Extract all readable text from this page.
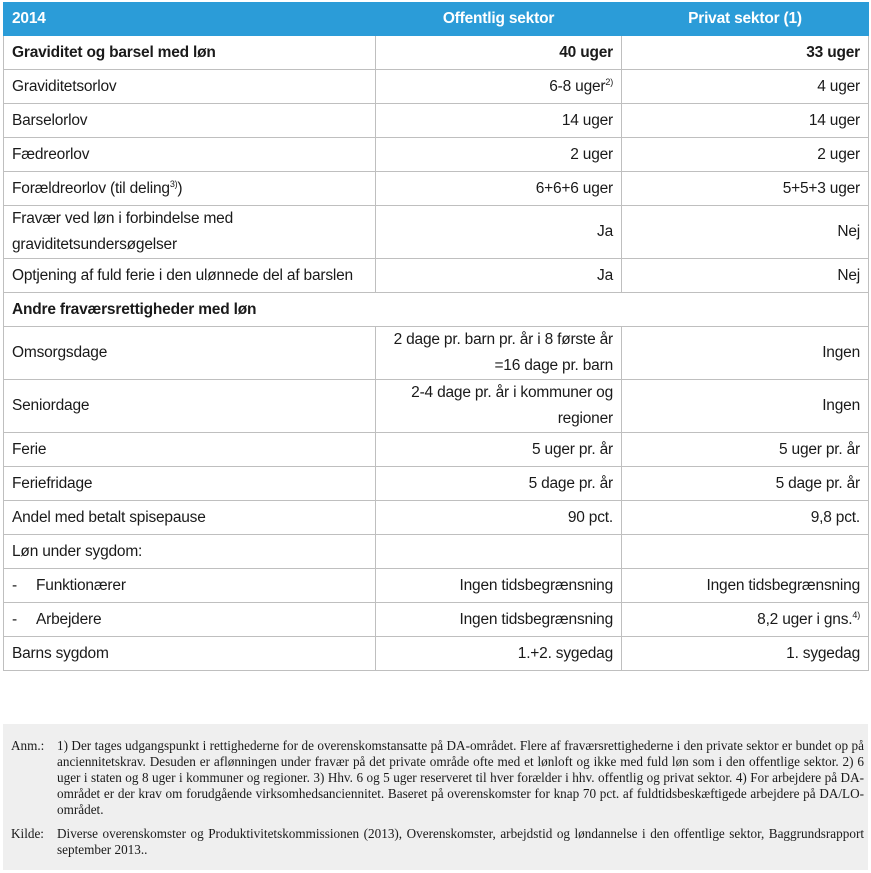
2014	Offentlig sektor	Privat sektor (1)
Graviditet og barsel med løn	40 uger	33 uger
Graviditetsorlov	6-8 uger$^{2)}$	4 uger
Barselorlov	14 uger	14 uger
Fædreorlov	2 uger	2 uger
Forældreorlov (til deling$^{3)}$)	6+6+6 uger	5+5+3 uger
Fravær ved løn i forbindelse med graviditetsundersøgelser	Ja	Nej
Optjening af fuld ferie i den ulønnede del af barslen	Ja	Nej
Andre fraværsrettigheder med løn		
Omsorgsdage	2 dage pr. barn pr. år i 8 første år =16 dage pr. barn	Ingen
Seniordage	2-4 dage pr. år i kommuner og regioner	Ingen
Ferie	5 uger pr. år	5 uger pr. år
Feriefridage	5 dage pr. år	5 dage pr. år
Andel med betalt spisepause	90 pct.	9,8 pct.
Løn under sygdom:		
- Funktionærer	Ingen tidsbegrænsning	Ingen tidsbegrænsning
- Arbejdere	Ingen tidsbegrænsning	8,2 uger i gns.$^{4)}$
Barns sygdom	1.+2. sygedag	1. sygedag
Anm.: 1) Der tages udgangspunkt i rettighederne for de overenskomstansatte på DA-området. Flere af fraværsrettighederne i den private sektor er bundet op på anciennitetskrav. Desuden er aflønningen under fravær på det private område ofte med et lønloft og ikke med fuld løn som i den offentlige sektor. 2) 6 uger i staten og 8 uger i kommuner og regioner. 3) Hhv. 6 og 5 uger reserveret til hver forælder i hhv. offentlig og privat sektor. 4) For arbejdere på DA-området er der krav om forudgående virksomhedsanciennitet. Baseret på overenskomster for knap 70 pct. af fuldtidsbeskæftigede arbejdere på DA/LO-området.
Kilde: Diverse overenskomster og Produktivitetskommissionen (2013), Overenskomster, arbejdstid og løndannelse i den offentlige sektor, Baggrundsrapport september 2013..
